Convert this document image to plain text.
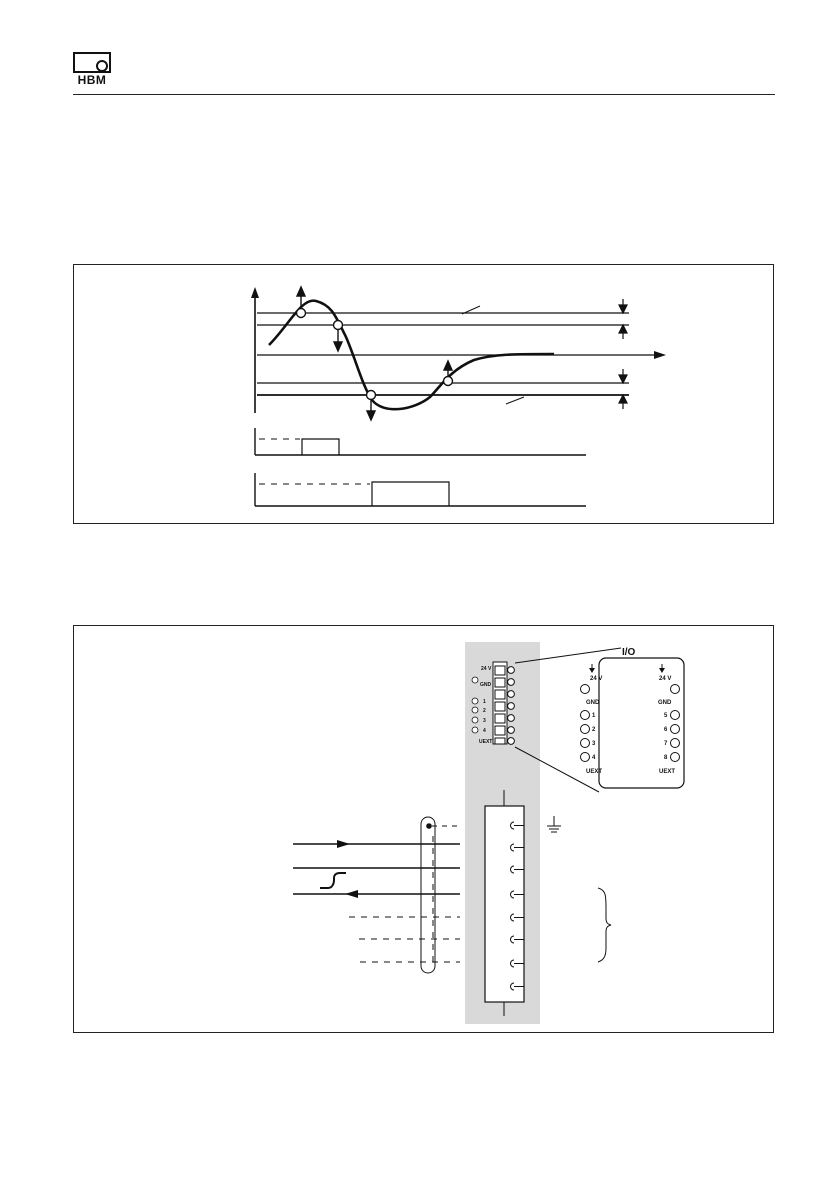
HBM
24 V
GND
1
2
3
4
UEXT
I/O
24 V
GND
1
2
3
4
UEXT
24 V
GND
5
6
7
8
UEXT
